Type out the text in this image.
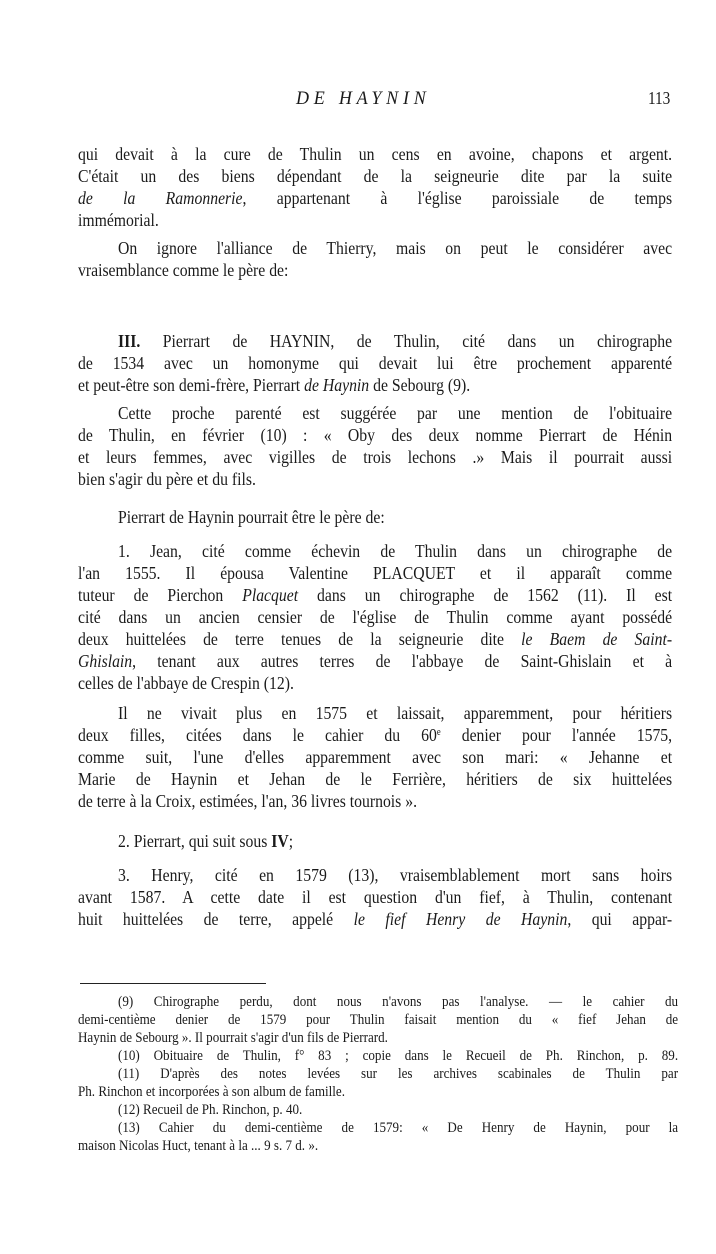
DE HAYNIN	113
qui devait à la cure de Thulin un cens en avoine, chapons et argent.
C'était un des biens dépendant de la seigneurie dite par la suite
de la Ramonnerie, appartenant à l'église paroissiale de temps
immémorial.
On ignore l'alliance de Thierry, mais on peut le considérer avec
vraisemblance comme le père de:
III. Pierrart de HAYNIN, de Thulin, cité dans un chirographe
de 1534 avec un homonyme qui devait lui être prochement apparenté
et peut-être son demi-frère, Pierrart de Haynin de Sebourg (9).
Cette proche parenté est suggérée par une mention de l'obituaire
de Thulin, en février (10) : « Oby des deux nomme Pierrart de Hénin
et leurs femmes, avec vigilles de trois lechons .» Mais il pourrait aussi
bien s'agir du père et du fils.
Pierrart de Haynin pourrait être le père de:
1. Jean, cité comme échevin de Thulin dans un chirographe de
l'an 1555. Il épousa Valentine PLACQUET et il apparaît comme
tuteur de Pierchon Placquet dans un chirographe de 1562 (11). Il est
cité dans un ancien censier de l'église de Thulin comme ayant possédé
deux huittelées de terre tenues de la seigneurie dite le Baem de Saint-
Ghislain, tenant aux autres terres de l'abbaye de Saint-Ghislain et à
celles de l'abbaye de Crespin (12).
Il ne vivait plus en 1575 et laissait, apparemment, pour héritiers
deux filles, citées dans le cahier du 60e denier pour l'année 1575,
comme suit, l'une d'elles apparemment avec son mari: « Jehanne et
Marie de Haynin et Jehan de le Ferrière, héritiers de six huittelées
de terre à la Croix, estimées, l'an, 36 livres tournois ».
2. Pierrart, qui suit sous IV;
3. Henry, cité en 1579 (13), vraisemblablement mort sans hoirs
avant 1587. A cette date il est question d'un fief, à Thulin, contenant
huit huittelées de terre, appelé le fief Henry de Haynin, qui appar-
(9) Chirographe perdu, dont nous n'avons pas l'analyse. — le cahier du
demi-centième denier de 1579 pour Thulin faisait mention du « fief Jehan de
Haynin de Sebourg ». Il pourrait s'agir d'un fils de Pierrard.
(10) Obituaire de Thulin, f° 83 ; copie dans le Recueil de Ph. Rinchon, p. 89.
(11) D'après des notes levées sur les archives scabinales de Thulin par
Ph. Rinchon et incorporées à son album de famille.
(12) Recueil de Ph. Rinchon, p. 40.
(13) Cahier du demi-centième de 1579: « De Henry de Haynin, pour la
maison Nicolas Huct, tenant à la ... 9 s. 7 d. ».
